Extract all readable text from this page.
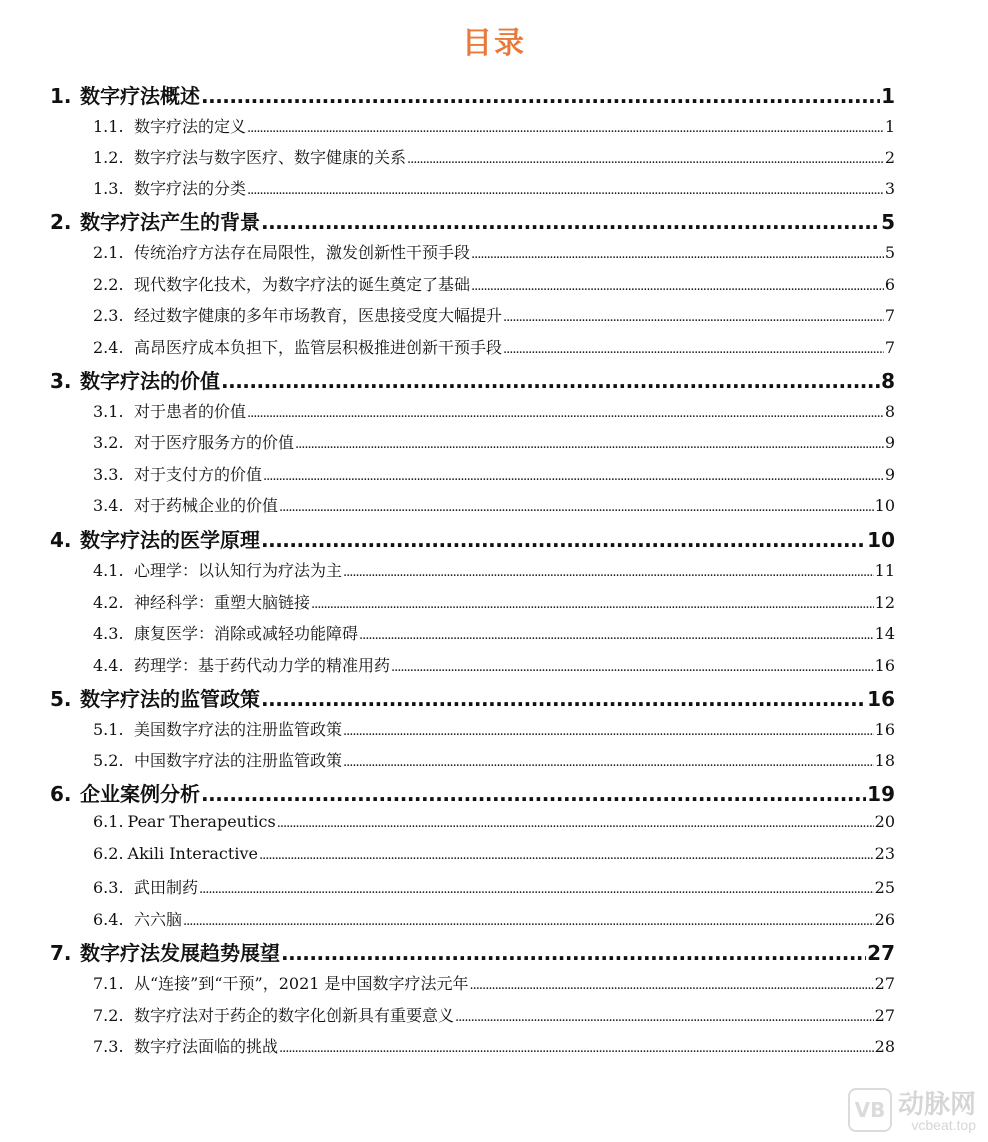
目录
1. 数字疗法概述 .....	1
1.1. 数字疗法的定义 .....	1
1.2. 数字疗法与数字医疗、数字健康的关系 .....	2
1.3. 数字疗法的分类 .....	3
2. 数字疗法产生的背景 .....	5
2.1. 传统治疗方法存在局限性，激发创新性干预手段 .....	5
2.2. 现代数字化技术，为数字疗法的诞生奠定了基础 .....	6
2.3. 经过数字健康的多年市场教育，医患接受度大幅提升 .....	7
2.4. 高昂医疗成本负担下，监管层积极推进创新干预手段 .....	7
3. 数字疗法的价值 .....	8
3.1. 对于患者的价值 .....	8
3.2. 对于医疗服务方的价值 .....	9
3.3. 对于支付方的价值 .....	9
3.4. 对于药械企业的价值 .....	10
4. 数字疗法的医学原理 .....	10
4.1. 心理学：以认知行为疗法为主 .....	11
4.2. 神经科学：重塑大脑链接 .....	12
4.3. 康复医学：消除或减轻功能障碍 .....	14
4.4. 药理学：基于药代动力学的精准用药 .....	16
5. 数字疗法的监管政策 .....	16
5.1. 美国数字疗法的注册监管政策 .....	16
5.2. 中国数字疗法的注册监管政策 .....	18
6. 企业案例分析 .....	19
6.1. Pear Therapeutics .....	20
6.2. Akili Interactive .....	23
6.3. 武田制药 .....	25
6.4. 六六脑 .....	26
7. 数字疗法发展趋势展望 .....	27
7.1. 从“连接”到“干预”，2021 是中国数字疗法元年 .....	27
7.2. 数字疗法对于药企的数字化创新具有重要意义 .....	27
7.3. 数字疗法面临的挑战 .....	28
VB 动脉网
vcbeat.top
